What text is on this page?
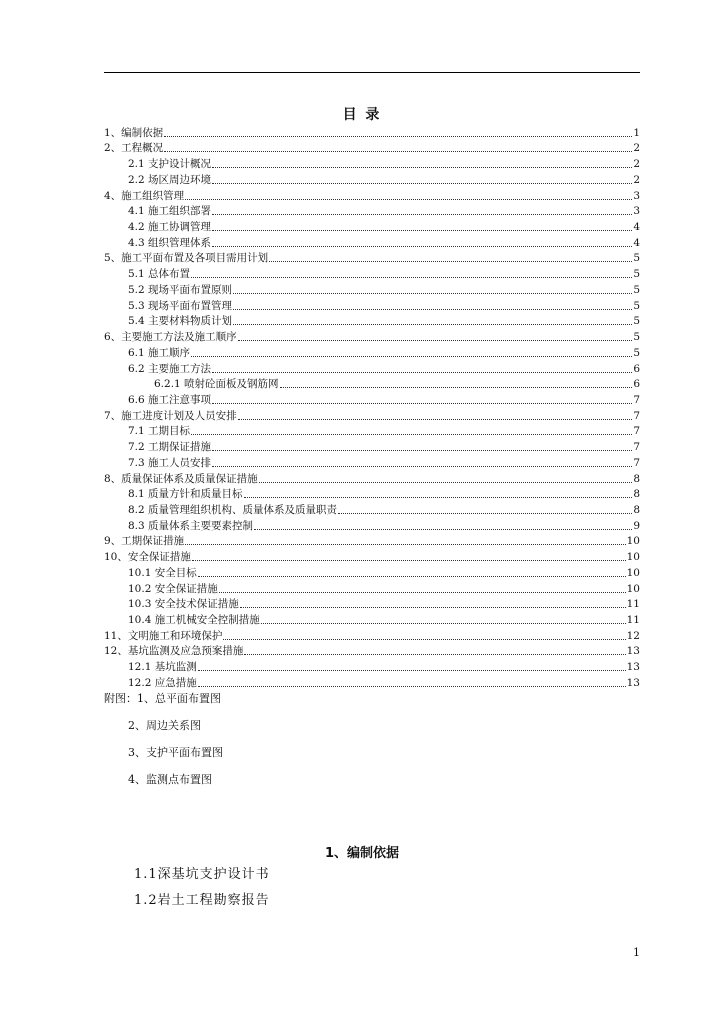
目 录
1、编制依据	1
2、工程概况	2
2.1 支护设计概况	2
2.2 场区周边环境	2
4、施工组织管理	3
4.1 施工组织部署	3
4.2 施工协调管理	4
4.3 组织管理体系	4
5、施工平面布置及各项目需用计划	5
5.1 总体布置	5
5.2 现场平面布置原则	5
5.3 现场平面布置管理	5
5.4 主要材料物质计划	5
6、主要施工方法及施工顺序	5
6.1 施工顺序	5
6.2 主要施工方法	6
6.2.1 喷射砼面板及钢筋网	6
6.6 施工注意事项	7
7、施工进度计划及人员安排	7
7.1 工期目标	7
7.2 工期保证措施	7
7.3 施工人员安排	7
8、质量保证体系及质量保证措施	8
8.1 质量方针和质量目标	8
8.2 质量管理组织机构、质量体系及质量职责	8
8.3 质量体系主要要素控制	9
9、工期保证措施	10
10、安全保证措施	10
10.1 安全目标	10
10.2 安全保证措施	10
10.3 安全技术保证措施	11
10.4 施工机械安全控制措施	11
11、文明施工和环境保护	12
12、基坑监测及应急预案措施	13
12.1 基坑监测	13
12.2 应急措施	13
附图：1、总平面布置图
2、周边关系图
3、支护平面布置图
4、监测点布置图
1、编制依据
1.1深基坑支护设计书
1.2岩土工程勘察报告
1
